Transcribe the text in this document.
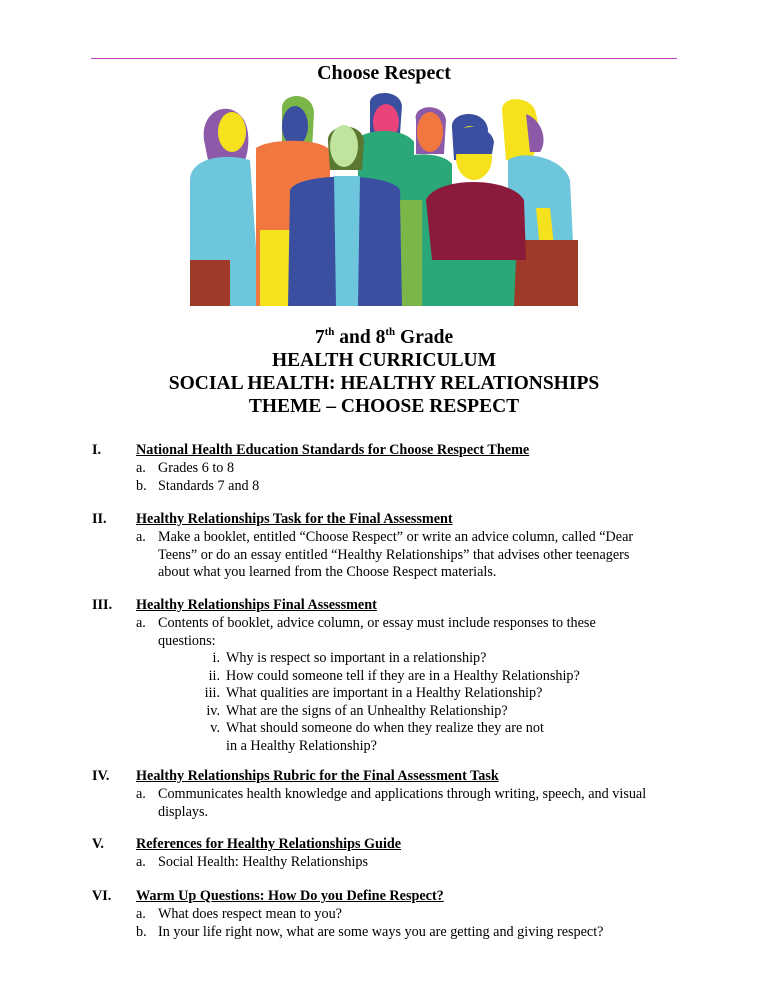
Choose Respect
7th and 8th Grade
HEALTH CURRICULUM
SOCIAL HEALTH: HEALTHY RELATIONSHIPS
THEME – CHOOSE RESPECT
I. National Health Education Standards for Choose Respect Theme
a. Grades 6 to 8
b. Standards 7 and 8
II. Healthy Relationships Task for the Final Assessment
a. Make a booklet, entitled “Choose Respect” or write an advice column, called “Dear Teens” or do an essay entitled “Healthy Relationships” that advises other teenagers about what you learned from the Choose Respect materials.
III. Healthy Relationships Final Assessment
a. Contents of booklet, advice column, or essay must include responses to these questions:
i. Why is respect so important in a relationship?
ii. How could someone tell if they are in a Healthy Relationship?
iii. What qualities are important in a Healthy Relationship?
iv. What are the signs of an Unhealthy Relationship?
v. What should someone do when they realize they are not in a Healthy Relationship?
IV. Healthy Relationships Rubric for the Final Assessment Task
a. Communicates health knowledge and applications through writing, speech, and visual displays.
V. References for Healthy Relationships Guide
a. Social Health: Healthy Relationships
VI. Warm Up Questions: How Do you Define Respect?
a. What does respect mean to you?
b. In your life right now, what are some ways you are getting and giving respect?
